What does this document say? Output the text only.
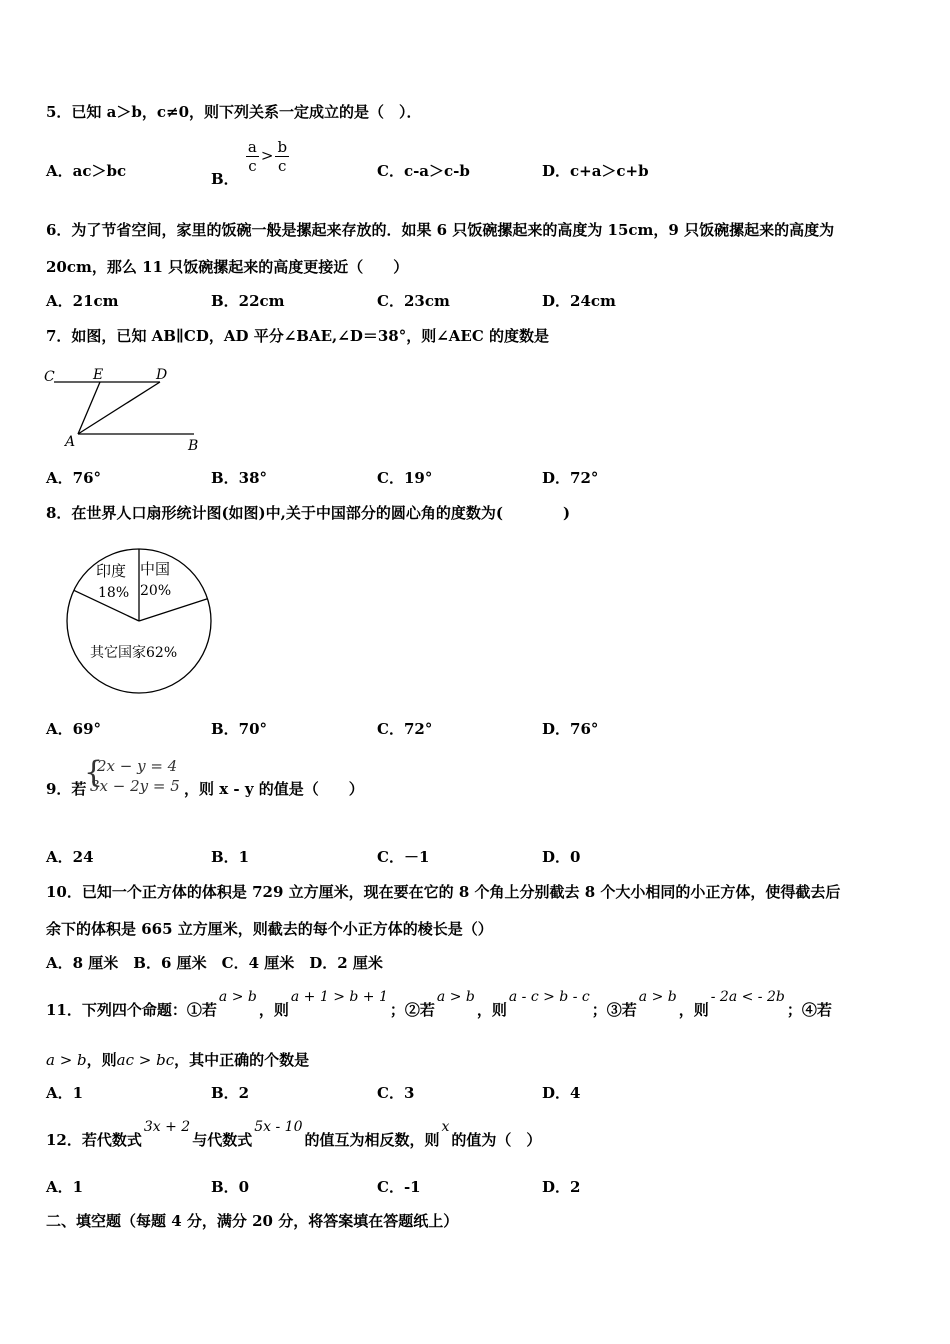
5．已知 a＞b，c≠0，则下列关系一定成立的是（　）．
A．ac＞bc	B．
$\frac{a}{c} > \frac{b}{c}$	C．c-a＞c-b	D．c+a＞c+b
6．为了节省空间，家里的饭碗一般是摞起来存放的．如果 6 只饭碗摞起来的高度为 15cm，9 只饭碗摞起来的高度为
20cm，那么 11 只饭碗摞起来的高度更接近（　　）
A．21cm	B．22cm	C．23cm	D．24cm
7．如图，已知 AB∥CD，AD 平分∠BAE,∠D＝38°，则∠AEC 的度数是
C	E	D
A	B
A．76°	B．38°	C．19°	D．72°
8．在世界人口扇形统计图(如图)中,关于中国部分的圆心角的度数为(　　　　)
印度
18%
中国
20%
其它国家62%
A．69°	B．70°	C．72°	D．76°
9．若
{
2x − y = 4
3x − 2y = 5 ，则 x - y 的值是（　　）
A．24	B．1	C．－1	D．0
10．已知一个正方体的体积是 729 立方厘米，现在要在它的 8 个角上分别截去 8 个大小相同的小正方体，使得截去后
余下的体积是 665 立方厘米，则截去的每个小正方体的棱长是（）
A．8 厘米　B．6 厘米　C．4 厘米　D．2 厘米
11．下列四个命题：①若a > b，则a + 1 > b + 1；②若a > b，则a - c > b - c；③若a > b，则- 2a < - 2b；④若
a > b，则ac > bc，其中正确的个数是
A．1	B．2	C．3	D．4
12．若代数式3x + 2与代数式5x - 10的值互为相反数，则x的值为（　）
A．1	B．0	C．-1	D．2
二、填空题（每题 4 分，满分 20 分，将答案填在答题纸上）
